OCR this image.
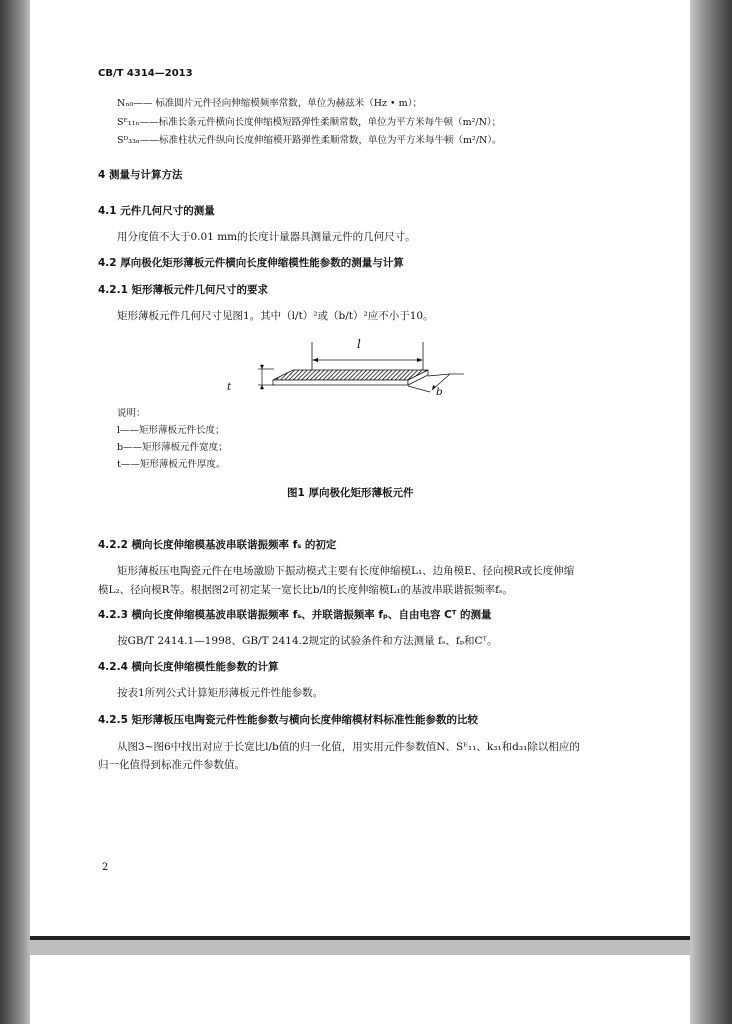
CB/T 4314—2013
Nₙ₀—— 标准圆片元件径向伸缩模频率常数，单位为赫兹米（Hz • m）；
Sᴱ₁₁ₙ——标准长条元件横向长度伸缩模短路弹性柔顺常数，单位为平方米每牛顿（m²/N）；
Sᴰ₃₃ₙ——标准柱状元件纵向长度伸缩模开路弹性柔顺常数，单位为平方米每牛顿（m²/N）。
4 测量与计算方法
4.1 元件几何尺寸的测量
用分度值不大于0.01 mm的长度计量器具测量元件的几何尺寸。
4.2 厚向极化矩形薄板元件横向长度伸缩模性能参数的测量与计算
4.2.1 矩形薄板元件几何尺寸的要求
矩形薄板元件几何尺寸见图1。其中（l/t）²或（b/t）²应不小于10。
l
t	b
说明：
l——矩形薄板元件长度；
b——矩形薄板元件宽度；
t——矩形薄板元件厚度。
图1 厚向极化矩形薄板元件
4.2.2 横向长度伸缩模基波串联谐振频率 fₛ 的初定
矩形薄板压电陶瓷元件在电场激励下振动模式主要有长度伸缩模L₁、边角模E、径向模R或长度伸缩
模L₂、径向模R等。根据图2可初定某一宽长比b/l的长度伸缩模L₁的基波串联谐振频率fₛ。
4.2.3 横向长度伸缩模基波串联谐振频率 fₛ、并联谐振频率 fₚ、自由电容 Cᵀ 的测量
按GB/T 2414.1—1998、GB/T 2414.2规定的试验条件和方法测量 fₛ、fₚ和Cᵀ。
4.2.4 横向长度伸缩模性能参数的计算
按表1所列公式计算矩形薄板元件性能参数。
4.2.5 矩形薄板压电陶瓷元件性能参数与横向长度伸缩模材料标准性能参数的比较
从图3~图6中找出对应于长宽比l/b值的归一化值，用实用元件参数值N、Sᴱ₁₁、k₃₁和d₃₁除以相应的
归一化值得到标准元件参数值。
2
